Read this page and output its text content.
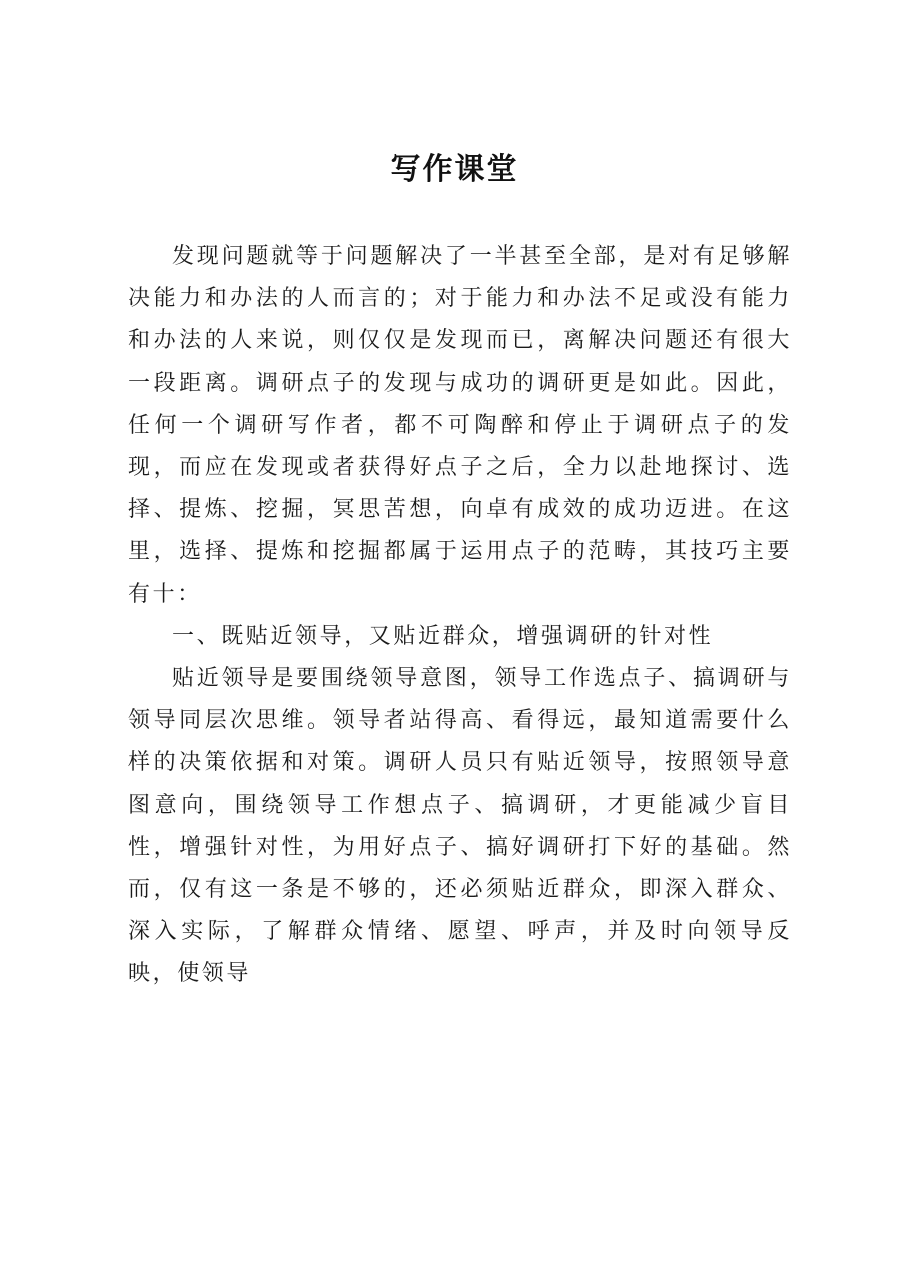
写作课堂

发现问题就等于问题解决了一半甚至全部，是对有足够解决能力和办法的人而言的；对于能力和办法不足或没有能力和办法的人来说，则仅仅是发现而已，离解决问题还有很大一段距离。调研点子的发现与成功的调研更是如此。因此，任何一个调研写作者，都不可陶醉和停止于调研点子的发现，而应在发现或者获得好点子之后，全力以赴地探讨、选择、提炼、挖掘，冥思苦想，向卓有成效的成功迈进。在这里，选择、提炼和挖掘都属于运用点子的范畴，其技巧主要有十：

一、既贴近领导，又贴近群众，增强调研的针对性

贴近领导是要围绕领导意图，领导工作选点子、搞调研与领导同层次思维。领导者站得高、看得远，最知道需要什么样的决策依据和对策。调研人员只有贴近领导，按照领导意图意向，围绕领导工作想点子、搞调研，才更能减少盲目性，增强针对性，为用好点子、搞好调研打下好的基础。然而，仅有这一条是不够的，还必须贴近群众，即深入群众、深入实际，了解群众情绪、愿望、呼声，并及时向领导反映，使领导
